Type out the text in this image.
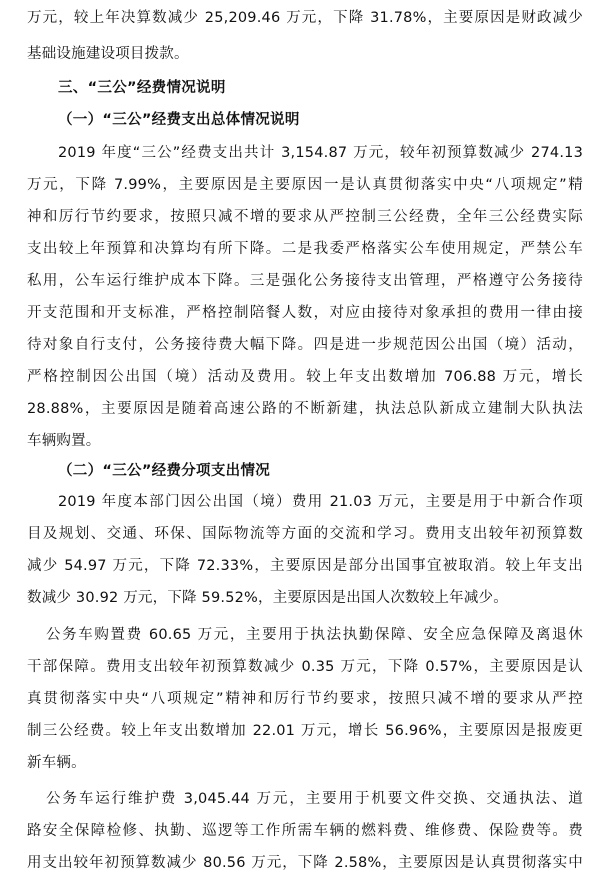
万元，较上年决算数减少 25,209.46 万元，下降 31.78%，主要原因是财政减少
基础设施建设项目拨款。
三、“三公”经费情况说明
（一）“三公”经费支出总体情况说明
2019 年度“三公”经费支出共计 3,154.87 万元，较年初预算数减少 274.13
万元，下降 7.99%，主要原因是主要原因一是认真贯彻落实中央“八项规定”精
神和厉行节约要求，按照只减不增的要求从严控制三公经费，全年三公经费实际
支出较上年预算和决算均有所下降。二是我委严格落实公车使用规定，严禁公车
私用，公车运行维护成本下降。三是强化公务接待支出管理，严格遵守公务接待
开支范围和开支标准，严格控制陪餐人数，对应由接待对象承担的费用一律由接
待对象自行支付，公务接待费大幅下降。四是进一步规范因公出国（境）活动，
严格控制因公出国（境）活动及费用。较上年支出数增加 706.88 万元，增长
28.88%，主要原因是随着高速公路的不断新建，执法总队新成立建制大队执法
车辆购置。
（二）“三公”经费分项支出情况
2019 年度本部门因公出国（境）费用 21.03 万元，主要是用于中新合作项
目及规划、交通、环保、国际物流等方面的交流和学习。费用支出较年初预算数
减少 54.97 万元，下降 72.33%，主要原因是部分出国事宜被取消。较上年支出
数减少 30.92 万元，下降 59.52%，主要原因是出国人次数较上年减少。
公务车购置费 60.65 万元，主要用于执法执勤保障、安全应急保障及离退休
干部保障。费用支出较年初预算数减少 0.35 万元，下降 0.57%，主要原因是认
真贯彻落实中央“八项规定”精神和厉行节约要求，按照只减不增的要求从严控
制三公经费。较上年支出数增加 22.01 万元，增长 56.96%，主要原因是报废更
新车辆。
公务车运行维护费 3,045.44 万元，主要用于机要文件交换、交通执法、道
路安全保障检修、执勤、巡逻等工作所需车辆的燃料费、维修费、保险费等。费
用支出较年初预算数减少 80.56 万元，下降 2.58%，主要原因是认真贯彻落实中
